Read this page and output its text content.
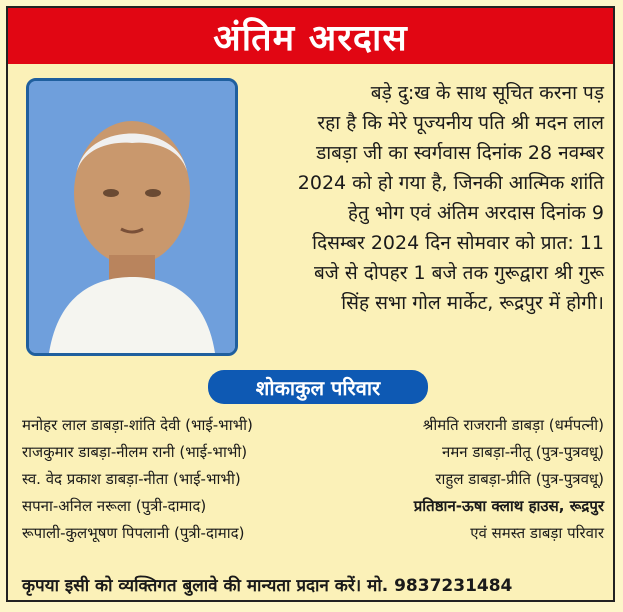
अंतिम अरदास

बड़े दु:ख के साथ सूचित करना पड़

रहा है कि मेरे पूज्यनीय पति श्री मदन लाल

डाबड़ा जी का स्वर्गवास दिनांक 28 नवम्बर

2024 को हो गया है, जिनकी आत्मिक शांति

हेतु भोग एवं अंतिम अरदास दिनांक 9

दिसम्बर 2024 दिन सोमवार को प्रात: 11

बजे से दोपहर 1 बजे तक गुरूद्वारा श्री गुरू

सिंह सभा गोल मार्केट, रूद्रपुर में होगी।

शोकाकुल परिवार
मनोहर लाल डाबड़ा-शांति देवी (भाई-भाभी)	श्रीमति राजरानी डाबड़ा (धर्मपत्नी)
राजकुमार डाबड़ा-नीलम रानी (भाई-भाभी)	नमन डाबड़ा-नीतू (पुत्र-पुत्रवधू)
स्व. वेद प्रकाश डाबड़ा-नीता (भाई-भाभी)	राहुल डाबड़ा-प्रीति (पुत्र-पुत्रवधू)
सपना-अनिल नरूला (पुत्री-दामाद)	प्रतिष्ठान-ऊषा क्लाथ हाउस, रूद्रपुर
रूपाली-कुलभूषण पिपलानी (पुत्री-दामाद)	एवं समस्त डाबड़ा परिवार
कृपया इसी को व्यक्तिगत बुलावे की मान्यता प्रदान करें। मो. 9837231484
